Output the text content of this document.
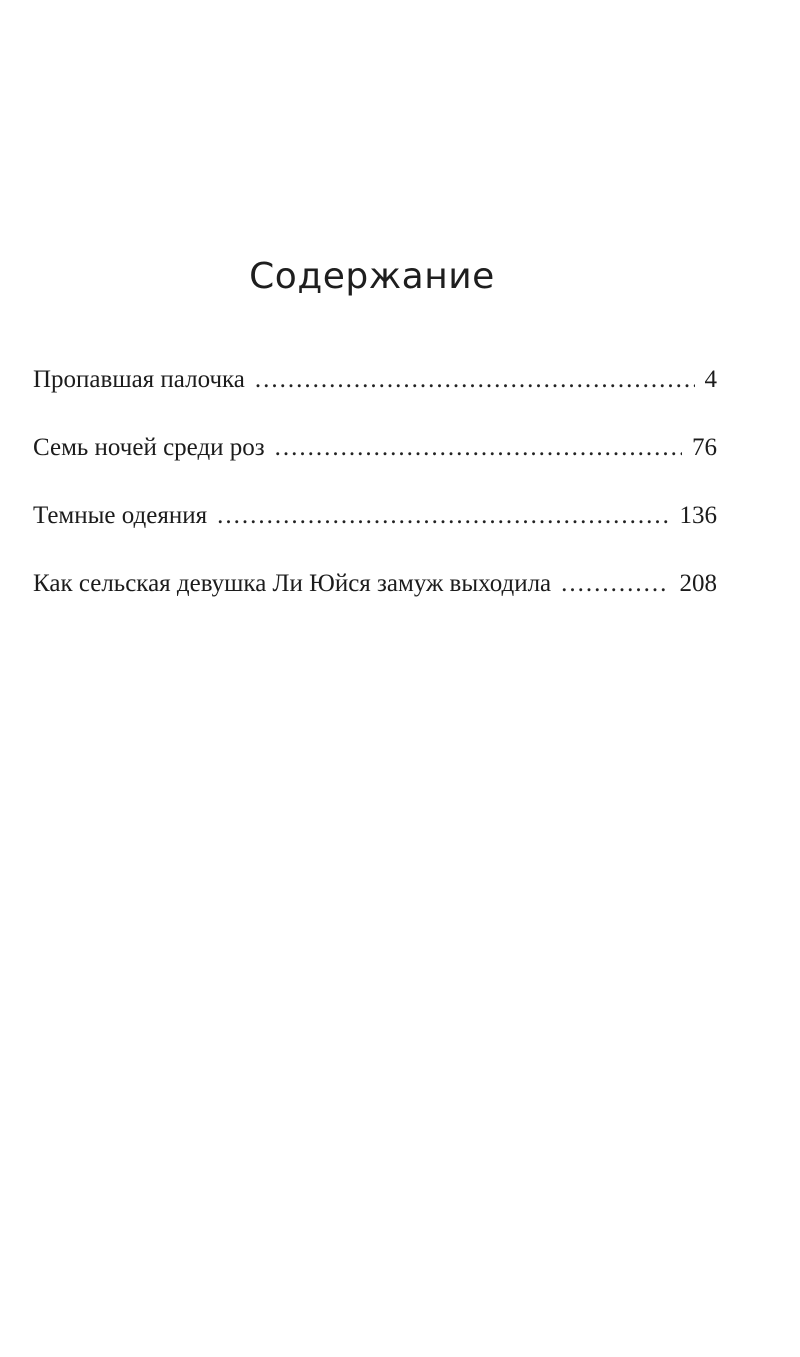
Содержание
Пропавшая палочка .....	4
Семь ночей среди роз .....	76
Темные одеяния .....	136
Как сельская девушка Ли Юйся замуж выходила .....	208
